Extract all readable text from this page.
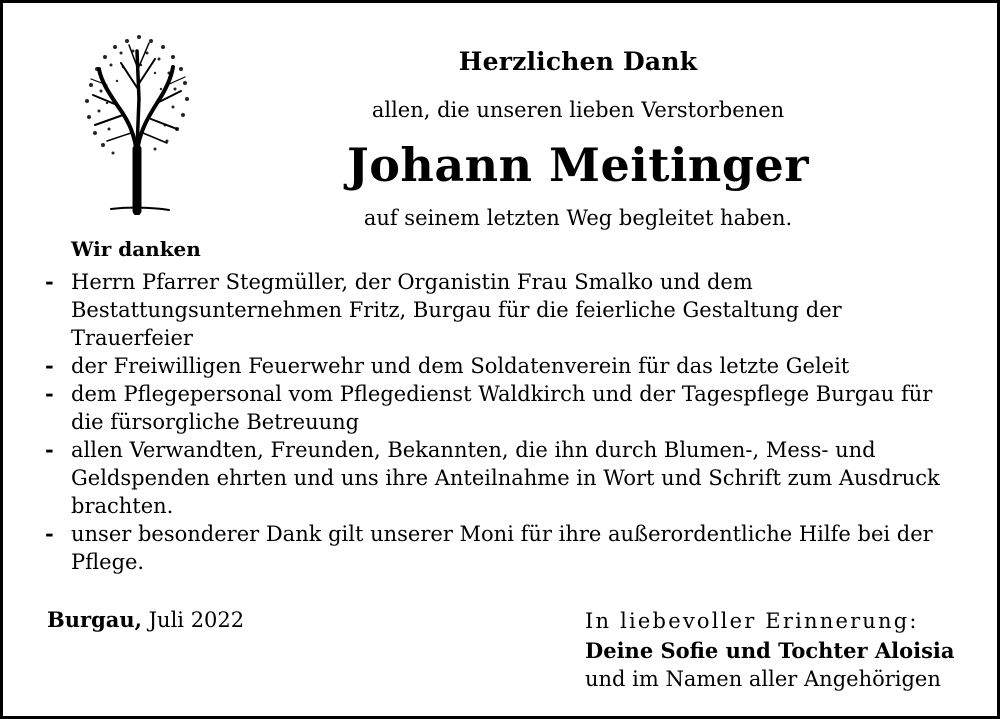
Herzlichen Dank
allen, die unseren lieben Verstorbenen
Johann Meitinger
auf seinem letzten Weg begleitet haben.
Wir danken
- Herrn Pfarrer Stegmüller, der Organistin Frau Smalko und dem
Bestattungsunternehmen Fritz, Burgau für die feierliche Gestaltung der
Trauerfeier
- der Freiwilligen Feuerwehr und dem Soldatenverein für das letzte Geleit
- dem Pflegepersonal vom Pflegedienst Waldkirch und der Tagespflege Burgau für
die fürsorgliche Betreuung
- allen Verwandten, Freunden, Bekannten, die ihn durch Blumen-, Mess- und
Geldspenden ehrten und uns ihre Anteilnahme in Wort und Schrift zum Ausdruck
brachten.
- unser besonderer Dank gilt unserer Moni für ihre außerordentliche Hilfe bei der
Pflege.
Burgau, Juli 2022	In liebevoller Erinnerung:
Deine Sofie und Tochter Aloisia
und im Namen aller Angehörigen
